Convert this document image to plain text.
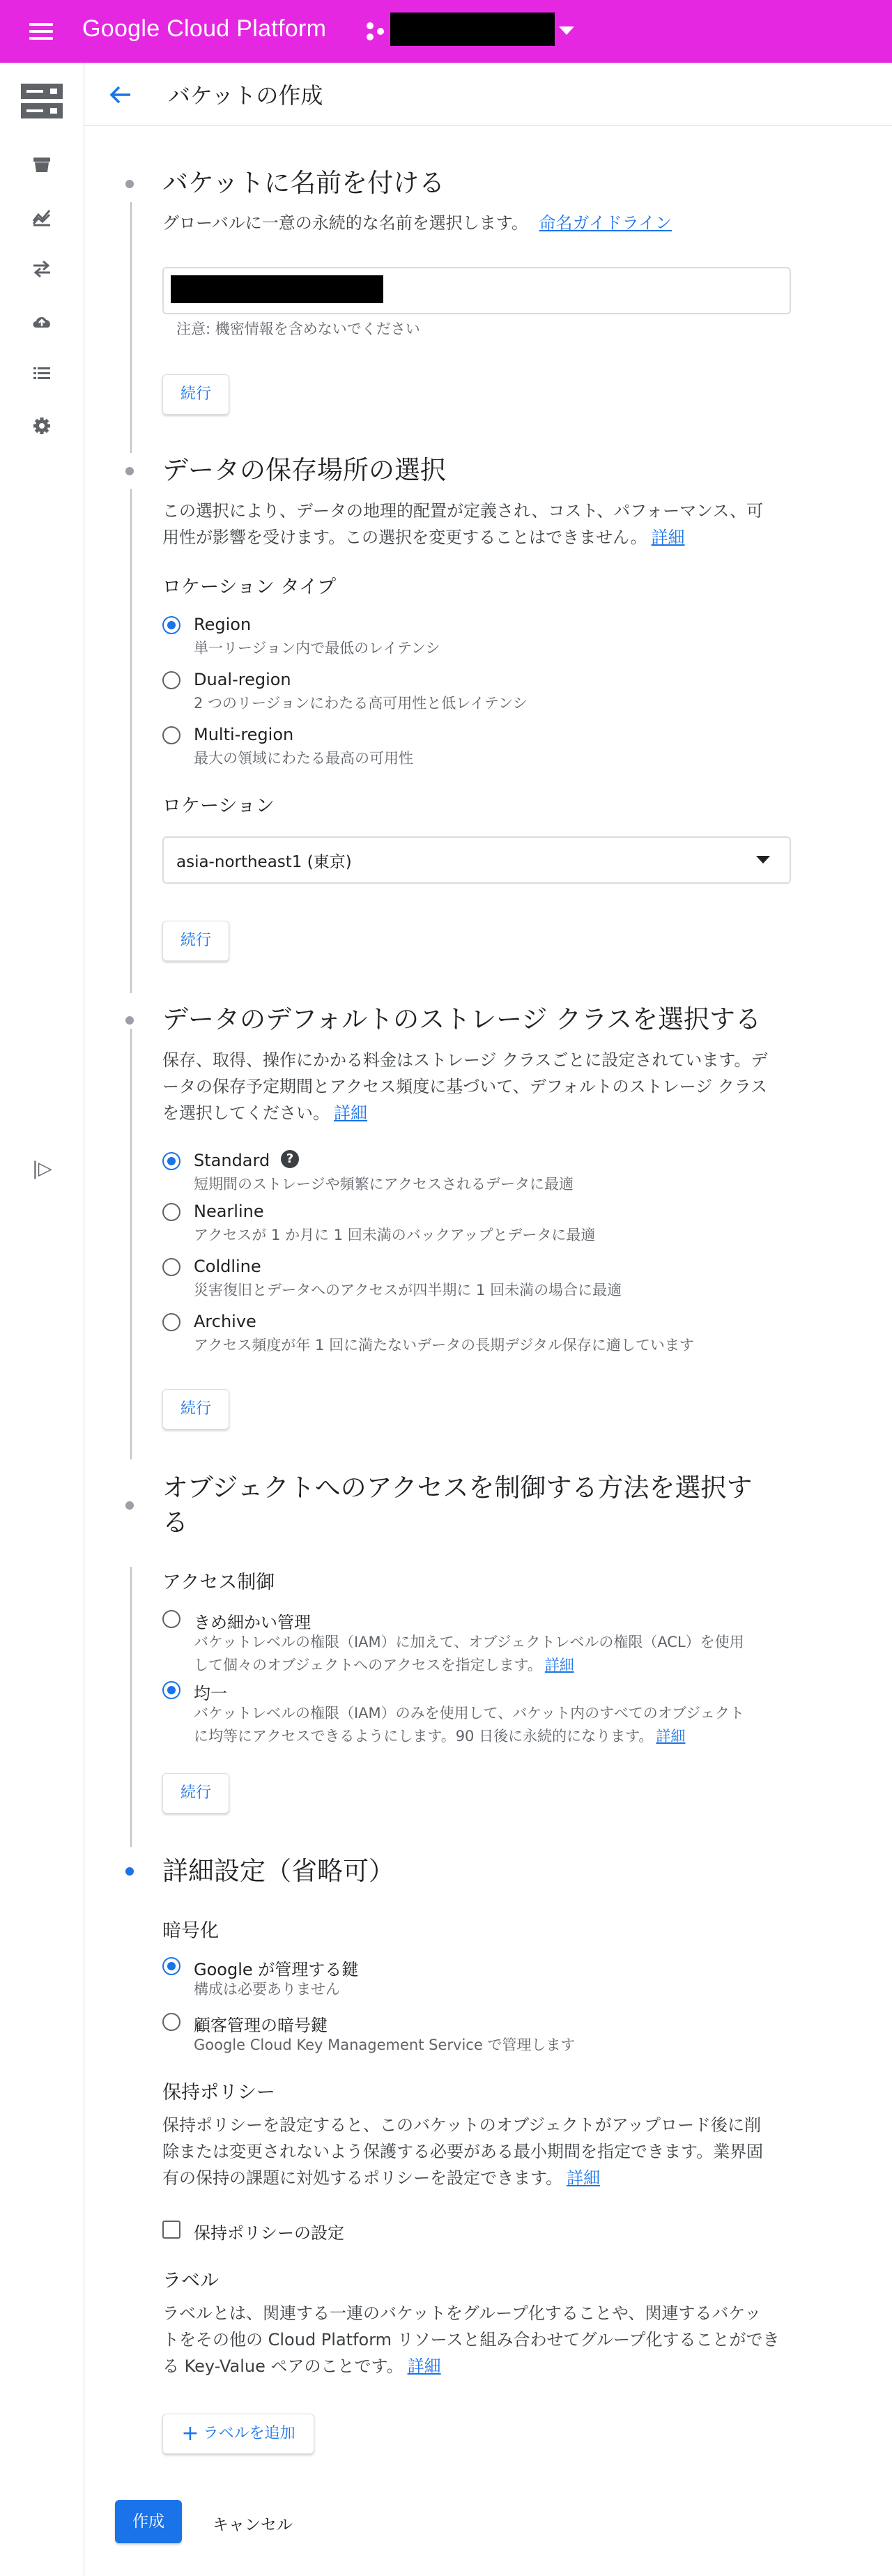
Google Cloud Platform
|▷
バケットの作成
バケットに名前を付ける
グローバルに一意の永続的な名前を選択します。 命名ガイドライン
注意: 機密情報を含めないでください
続行
データの保存場所の選択
この選択により、データの地理的配置が定義され、コスト、パフォーマンス、可
用性が影響を受けます。この選択を変更することはできません。 詳細
ロケーション タイプ
Region
単一リージョン内で最低のレイテンシ
Dual-region
2 つのリージョンにわたる高可用性と低レイテンシ
Multi-region
最大の領域にわたる最高の可用性
ロケーション
asia-northeast1 (東京)
続行
データのデフォルトのストレージ クラスを選択する
保存、取得、操作にかかる料金はストレージ クラスごとに設定されています。デ
ータの保存予定期間とアクセス頻度に基づいて、デフォルトのストレージ クラス
を選択してください。 詳細
Standard	?
短期間のストレージや頻繁にアクセスされるデータに最適
Nearline
アクセスが 1 か月に 1 回未満のバックアップとデータに最適
Coldline
災害復旧とデータへのアクセスが四半期に 1 回未満の場合に最適
Archive
アクセス頻度が年 1 回に満たないデータの長期デジタル保存に適しています
続行
オブジェクトへのアクセスを制御する方法を選択す
る
アクセス制御
きめ細かい管理
バケットレベルの権限（IAM）に加えて、オブジェクトレベルの権限（ACL）を使用
して個々のオブジェクトへのアクセスを指定します。 詳細
均一
バケットレベルの権限（IAM）のみを使用して、バケット内のすべてのオブジェクト
に均等にアクセスできるようにします。90 日後に永続的になります。 詳細
続行
詳細設定（省略可）
暗号化
Google が管理する鍵
構成は必要ありません
顧客管理の暗号鍵
Google Cloud Key Management Service で管理します
保持ポリシー
保持ポリシーを設定すると、このバケットのオブジェクトがアップロード後に削
除または変更されないよう保護する必要がある最小期間を指定できます。業界固
有の保持の課題に対処するポリシーを設定できます。 詳細
保持ポリシーの設定
ラベル
ラベルとは、関連する一連のバケットをグループ化することや、関連するバケッ
トをその他の Cloud Platform リソースと組み合わせてグループ化することができ
る Key-Value ペアのことです。 詳細
+ ラベルを追加
作成	キャンセル
